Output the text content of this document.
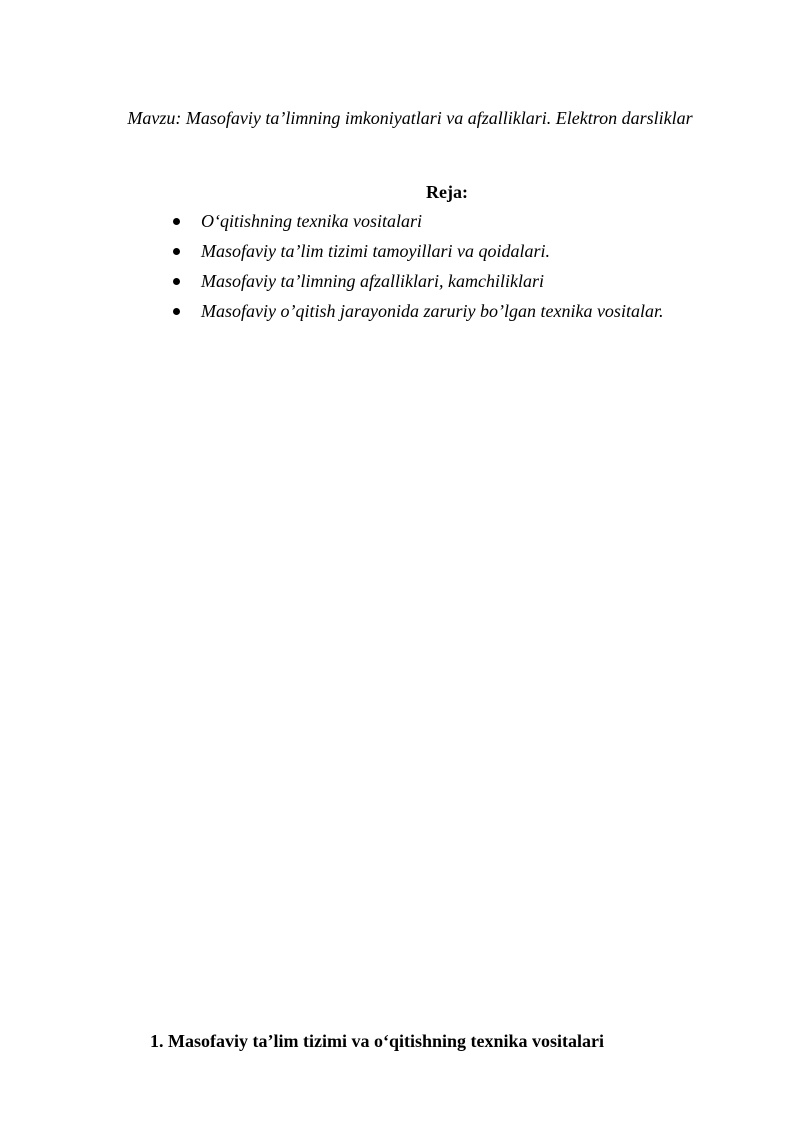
Mavzu: Masofaviy ta’limning imkoniyatlari va afzalliklari. Elektron darsliklar
Reja:
O‘qitishning texnika vositalari
Masofaviy ta’lim tizimi tamoyillari va qoidalari.
Masofaviy ta’limning afzalliklari, kamchiliklari
Masofaviy o’qitish jarayonida zaruriy bo’lgan texnika vositalar.
1. Masofaviy ta’lim tizimi va o‘qitishning texnika vositalari
